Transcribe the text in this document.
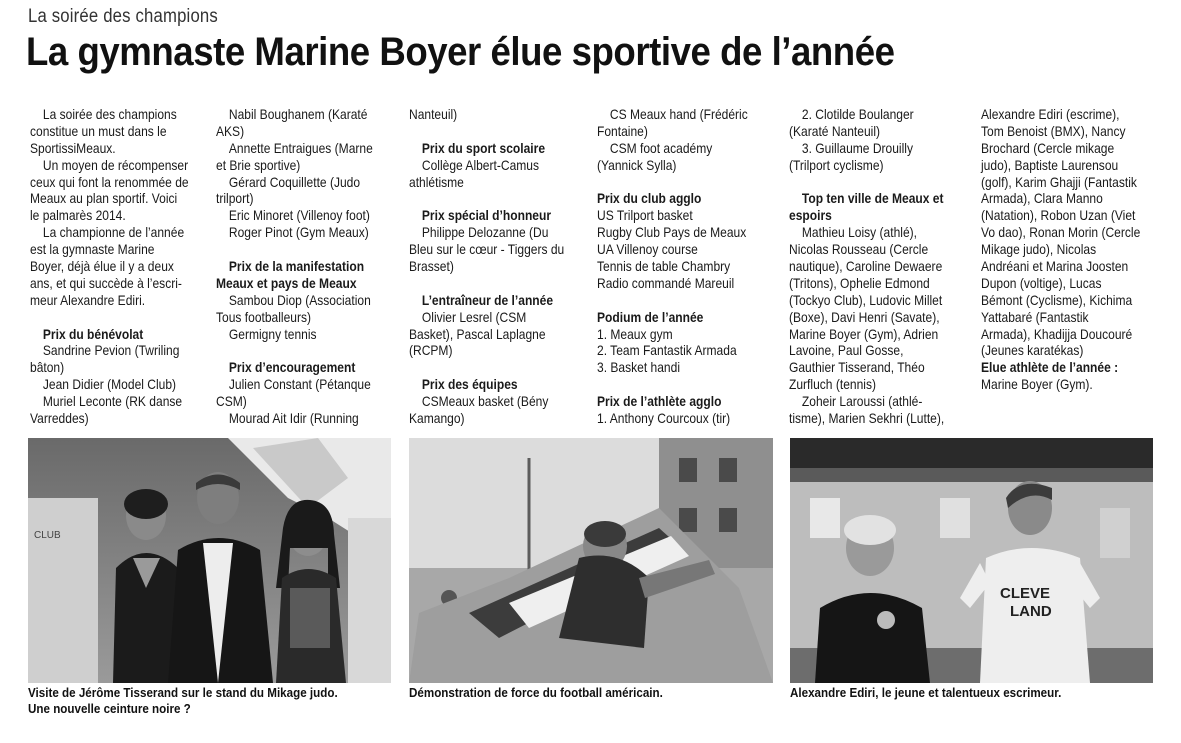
La soirée des champions
La gymnaste Marine Boyer élue sportive de l’année
La soirée des champions
constitue un must dans le
SportissiMeaux.
Un moyen de récompenser
ceux qui font la renommée de
Meaux au plan sportif. Voici
le palmarès 2014.
La championne de l’année
est la gymnaste Marine
Boyer, déjà élue il y a deux
ans, et qui succède à l’escri-
meur Alexandre Ediri.
Prix du bénévolat
Sandrine Pevion (Twriling
bâton)
Jean Didier (Model Club)
Muriel Leconte (RK danse
Varreddes)
Nabil Boughanem (Karaté
AKS)
Annette Entraigues (Marne
et Brie sportive)
Gérard Coquillette (Judo
trilport)
Eric Minoret (Villenoy foot)
Roger Pinot (Gym Meaux)
Prix de la manifestation
Meaux et pays de Meaux
Sambou Diop (Association
Tous footballeurs)
Germigny tennis
Prix d’encouragement
Julien Constant (Pétanque
CSM)
Mourad Ait Idir (Running
Nanteuil)
Prix du sport scolaire
Collège Albert-Camus
athlétisme
Prix spécial d’honneur
Philippe Delozanne (Du
Bleu sur le cœur - Tiggers du
Brasset)
L’entraîneur de l’année
Olivier Lesrel (CSM
Basket), Pascal Laplagne
(RCPM)
Prix des équipes
CSMeaux basket (Bény
Kamango)
CS Meaux hand (Frédéric
Fontaine)
CSM foot académy
(Yannick Sylla)
Prix du club agglo
US Trilport basket
Rugby Club Pays de Meaux
UA Villenoy course
Tennis de table Chambry
Radio commandé Mareuil
Podium de l’année
1. Meaux gym
2. Team Fantastik Armada
3. Basket handi
Prix de l’athlète agglo
1. Anthony Courcoux (tir)
2. Clotilde Boulanger
(Karaté Nanteuil)
3. Guillaume Drouilly
(Trilport cyclisme)
Top ten ville de Meaux et
espoirs
Mathieu Loisy (athlé),
Nicolas Rousseau (Cercle
nautique), Caroline Dewaere
(Tritons), Ophelie Edmond
(Tockyo Club), Ludovic Millet
(Boxe), Davi Henri (Savate),
Marine Boyer (Gym), Adrien
Lavoine, Paul Gosse,
Gauthier Tisserand, Théo
Zurfluch (tennis)
Zoheir Laroussi (athlé-
tisme), Marien Sekhri (Lutte),
Alexandre Ediri (escrime),
Tom Benoist (BMX), Nancy
Brochard (Cercle mikage
judo), Baptiste Laurensou
(golf), Karim Ghajji (Fantastik
Armada), Clara Manno
(Natation), Robon Uzan (Viet
Vo dao), Ronan Morin (Cercle
Mikage judo), Nicolas
Andréani et Marina Joosten
Dupon (voltige), Lucas
Bémont (Cyclisme), Kichima
Yattabaré (Fantastik
Armada), Khadijja Doucouré
(Jeunes karatékas)
Elue athlète de l’année :
Marine Boyer (Gym).
CLUB
CLEVE
LAND
Visite de Jérôme Tisserand sur le stand du Mikage judo.
Une nouvelle ceinture noire ?
Démonstration de force du football américain.	Alexandre Ediri, le jeune et talentueux escrimeur.
